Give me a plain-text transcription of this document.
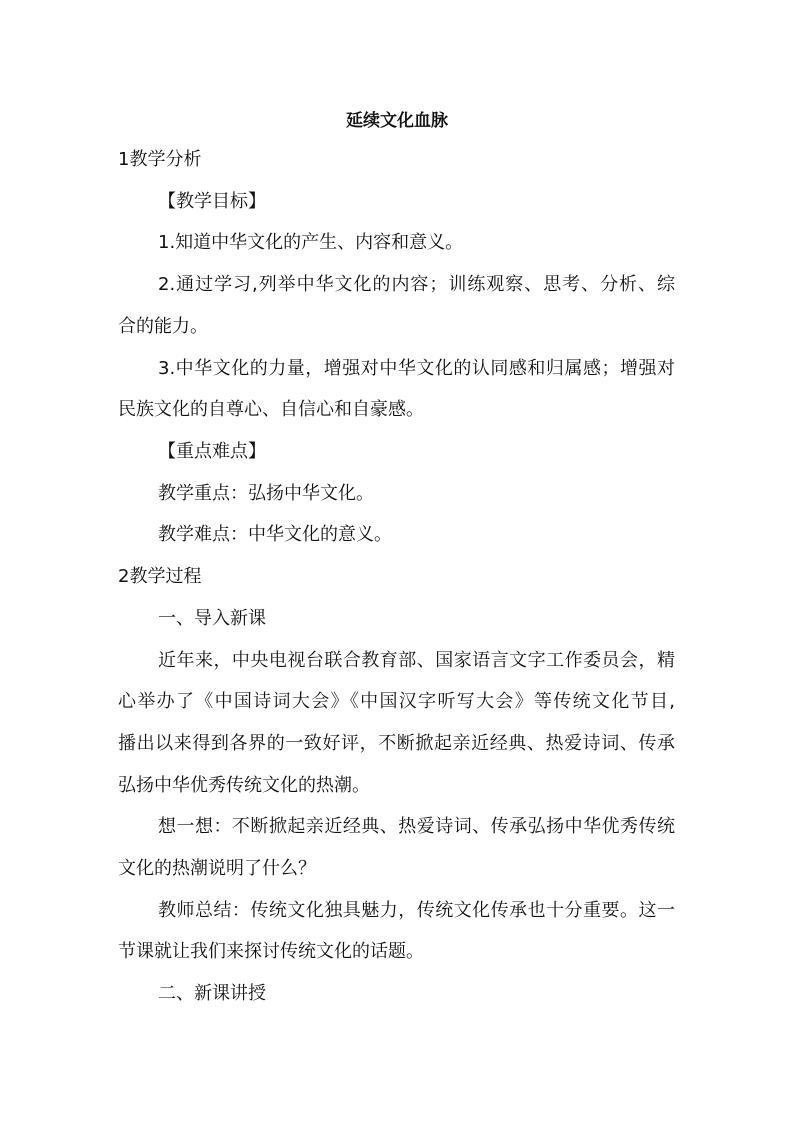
延续文化血脉
1教学分析
【教学目标】
1.知道中华文化的产生、内容和意义。
2.通过学习,列举中华文化的内容；训练观察、思考、分析、综
合的能力。
3.中华文化的力量，增强对中华文化的认同感和归属感；增强对
民族文化的自尊心、自信心和自豪感。
【重点难点】
教学重点：弘扬中华文化。
教学难点：中华文化的意义。
2教学过程
一、导入新课
近年来，中央电视台联合教育部、国家语言文字工作委员会，精
心举办了《中国诗词大会》《中国汉字听写大会》等传统文化节目,
播出以来得到各界的一致好评，不断掀起亲近经典、热爱诗词、传承
弘扬中华优秀传统文化的热潮。
想一想：不断掀起亲近经典、热爱诗词、传承弘扬中华优秀传统
文化的热潮说明了什么？
教师总结：传统文化独具魅力，传统文化传承也十分重要。这一
节课就让我们来探讨传统文化的话题。
二、新课讲授
